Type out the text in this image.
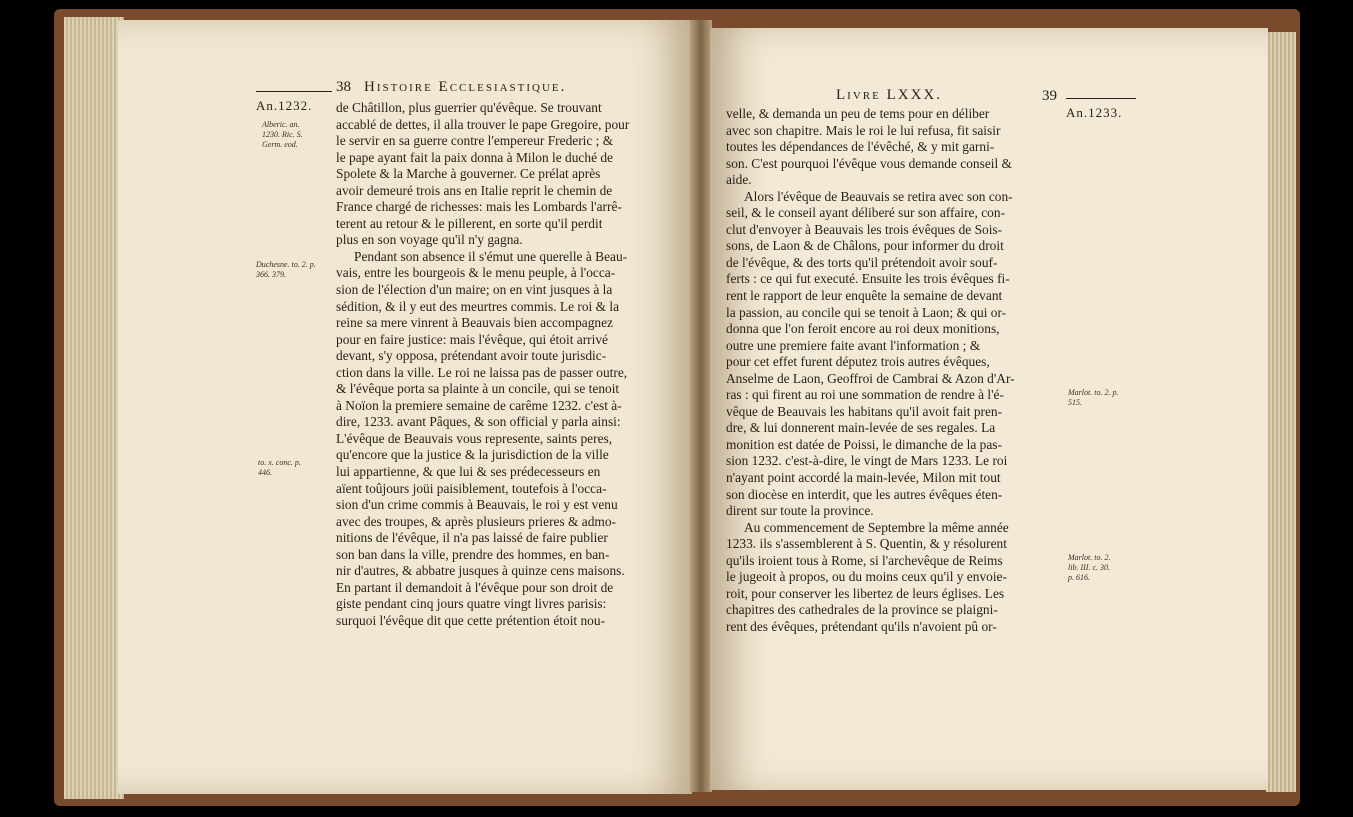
An.1232.
38 Histoire Ecclesiastique.
Alberic. an.
1230. Ric. S.
Germ. eod.
Duchesne. to. 2. p.
366. 379.
to. x. conc. p.
446.
de Châtillon, plus guerrier qu'évêque. Se trouvant
accablé de dettes, il alla trouver le pape Gregoire, pour
le servir en sa guerre contre l'empereur Frederic ; &
le pape ayant fait la paix donna à Milon le duché de
Spolete & la Marche à gouverner. Ce prélat après
avoir demeuré trois ans en Italie reprit le chemin de
France chargé de richesses: mais les Lombards l'arrê-
terent au retour & le pillerent, en sorte qu'il perdit
plus en son voyage qu'il n'y gagna.
Pendant son absence il s'émut une querelle à Beau-
vais, entre les bourgeois & le menu peuple, à l'occa-
sion de l'élection d'un maire; on en vint jusques à la
sédition, & il y eut des meurtres commis. Le roi & la
reine sa mere vinrent à Beauvais bien accompagnez
pour en faire justice: mais l'évêque, qui étoit arrivé
devant, s'y opposa, prétendant avoir toute jurisdic-
ction dans la ville. Le roi ne laissa pas de passer outre,
& l'évêque porta sa plainte à un concile, qui se tenoit
à Noïon la premiere semaine de carême 1232. c'est à-
dire, 1233. avant Pâques, & son official y parla ainsi:
L'évêque de Beauvais vous represente, saints peres,
qu'encore que la justice & la jurisdiction de la ville
lui appartienne, & que lui & ses prédecesseurs en
aïent toûjours joüi paisiblement, toutefois à l'occa-
sion d'un crime commis à Beauvais, le roi y est venu
avec des troupes, & après plusieurs prieres & admo-
nitions de l'évêque, il n'a pas laissé de faire publier
son ban dans la ville, prendre des hommes, en ban-
nir d'autres, & abbatre jusques à quinze cens maisons.
En partant il demandoit à l'évêque pour son droit de
giste pendant cinq jours quatre vingt livres parisis:
surquoi l'évêque dit que cette prétention étoit nou-
Livre LXXX.	39
An.1233.
Marlot. to. 2. p.
515.
Marlot. to. 2.
lib. III. c. 30.
p. 616.
velle, & demanda un peu de tems pour en déliber
avec son chapitre. Mais le roi le lui refusa, fit saisir
toutes les dépendances de l'évêché, & y mit garni-
son. C'est pourquoi l'évêque vous demande conseil &
aide.
Alors l'évêque de Beauvais se retira avec son con-
seil, & le conseil ayant déliberé sur son affaire, con-
clut d'envoyer à Beauvais les trois évêques de Sois-
sons, de Laon & de Châlons, pour informer du droit
de l'évêque, & des torts qu'il prétendoit avoir souf-
ferts : ce qui fut executé. Ensuite les trois évêques fi-
rent le rapport de leur enquête la semaine de devant
la passion, au concile qui se tenoit à Laon; & qui or-
donna que l'on feroit encore au roi deux monitions,
outre une premiere faite avant l'information ; &
pour cet effet furent députez trois autres évêques,
Anselme de Laon, Geoffroi de Cambrai & Azon d'Ar-
ras : qui firent au roi une sommation de rendre à l'é-
vêque de Beauvais les habitans qu'il avoit fait pren-
dre, & lui donnerent main-levée de ses regales. La
monition est datée de Poissi, le dimanche de la pas-
sion 1232. c'est-à-dire, le vingt de Mars 1233. Le roi
n'ayant point accordé la main-levée, Milon mit tout
son diocèse en interdit, que les autres évêques éten-
dirent sur toute la province.
Au commencement de Septembre la même année
1233. ils s'assemblerent à S. Quentin, & y résolurent
qu'ils iroient tous à Rome, si l'archevêque de Reims
le jugeoit à propos, ou du moins ceux qu'il y envoie-
roit, pour conserver les libertez de leurs églises. Les
chapitres des cathedrales de la province se plaigni-
rent des évêques, prétendant qu'ils n'avoient pû or-
